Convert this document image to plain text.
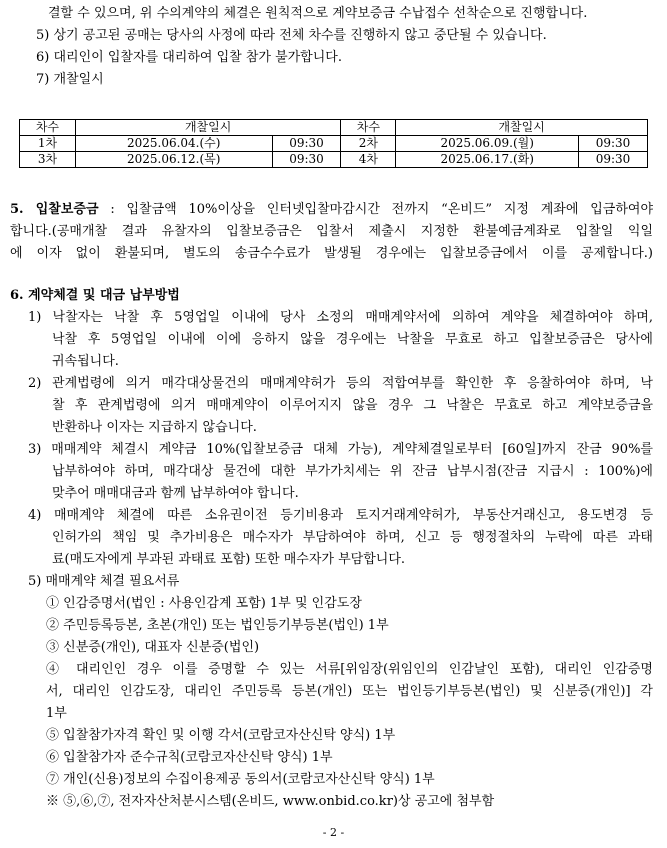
결할 수 있으며, 위 수의계약의 체결은 원칙적으로 계약보증금 수납접수 선착순으로 진행합니다.
5) 상기 공고된 공매는 당사의 사정에 따라 전체 차수를 진행하지 않고 중단될 수 있습니다.
6) 대리인이 입찰자를 대리하여 입찰 참가 불가합니다.
7) 개찰일시
차수	개찰일시		차수	개찰일시	
1차	2025.06.04.(수)	09:30	2차	2025.06.09.(월)	09:30
3차	2025.06.12.(목)	09:30	4차	2025.06.17.(화)	09:30
5. 입찰보증금 : 입찰금액 10%이상을 인터넷입찰마감시간 전까지 “온비드” 지정 계좌에 입금하여야
합니다.(공매개찰 결과 유찰자의 입찰보증금은 입찰서 제출시 지정한 환불예금계좌로 입찰일 익일
에 이자 없이 환불되며, 별도의 송금수수료가 발생될 경우에는 입찰보증금에서 이를 공제합니다.)
6. 계약체결 및 대금 납부방법
1) 낙찰자는 낙찰 후 5영업일 이내에 당사 소정의 매매계약서에 의하여 계약을 체결하여야 하며,
낙찰 후 5영업일 이내에 이에 응하지 않을 경우에는 낙찰을 무효로 하고 입찰보증금은 당사에
귀속됩니다.
2) 관계법령에 의거 매각대상물건의 매매계약허가 등의 적합여부를 확인한 후 응찰하여야 하며, 낙
찰 후 관계법령에 의거 매매계약이 이루어지지 않을 경우 그 낙찰은 무효로 하고 계약보증금을
반환하나 이자는 지급하지 않습니다.
3) 매매계약 체결시 계약금 10%(입찰보증금 대체 가능), 계약체결일로부터 [60일]까지 잔금 90%를
납부하여야 하며, 매각대상 물건에 대한 부가가치세는 위 잔금 납부시점(잔금 지급시 : 100%)에
맞추어 매매대금과 함께 납부하여야 합니다.
4) 매매계약 체결에 따른 소유권이전 등기비용과 토지거래계약허가, 부동산거래신고, 용도변경 등
인허가의 책임 및 추가비용은 매수자가 부담하여야 하며, 신고 등 행정절차의 누락에 따른 과태
료(매도자에게 부과된 과태료 포함) 또한 매수자가 부담합니다.
5) 매매계약 체결 필요서류
① 인감증명서(법인 : 사용인감계 포함) 1부 및 인감도장
② 주민등록등본, 초본(개인) 또는 법인등기부등본(법인) 1부
③ 신분증(개인), 대표자 신분증(법인)
④ 대리인인 경우 이를 증명할 수 있는 서류[위임장(위임인의 인감날인 포함), 대리인 인감증명
서, 대리인 인감도장, 대리인 주민등록 등본(개인) 또는 법인등기부등본(법인) 및 신분증(개인)] 각
1부
⑤ 입찰참가자격 확인 및 이행 각서(코람코자산신탁 양식) 1부
⑥ 입찰참가자 준수규칙(코람코자산신탁 양식) 1부
⑦ 개인(신용)정보의 수집이용제공 동의서(코람코자산신탁 양식) 1부
※ ⑤,⑥,⑦, 전자자산처분시스템(온비드, www.onbid.co.kr)상 공고에 첨부함
- 2 -
